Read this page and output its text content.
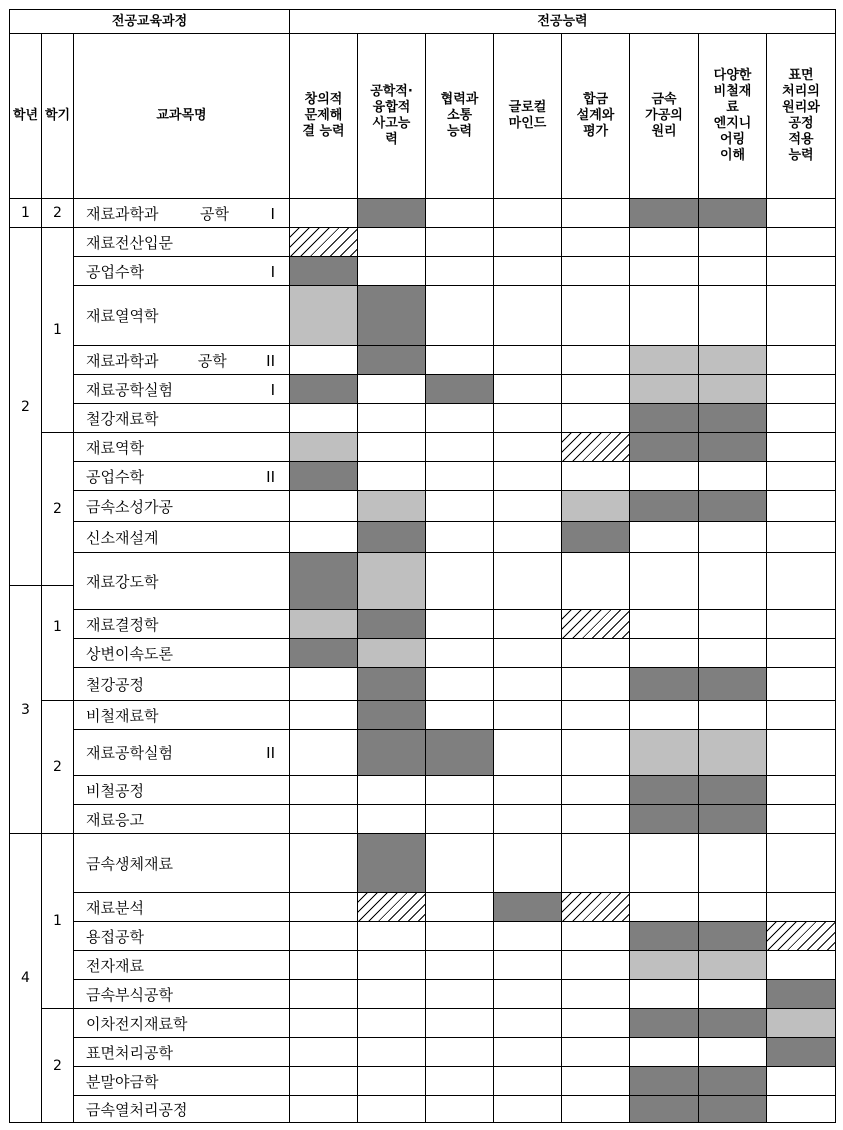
전공교육과정	전공능력
학년 학기	교과목명
창의적
문제해
결 능력
공학적·
융합적
사고능
력
협력과
소통
능력
글로컬
마인드
합금
설계와
평가
금속
가공의
원리
다양한
비철재
료
엔지니
어링
이해
표면
처리의
원리와
공정
적용
능력
1
2
3
4
2
1
2
1
2
1
2
재료과학과 공학 I
재료전산입문
공업수학 I
재료열역학
재료과학과 공학 II
재료공학실험 I
철강재료학
재료역학
공업수학 II
금속소성가공
신소재설계
재료강도학
재료결정학
상변이속도론
철강공정
비철재료학
재료공학실험 II
비철공정
재료응고
금속생체재료
재료분석
용접공학
전자재료
금속부식공학
이차전지재료학
표면처리공학
분말야금학
금속열처리공정
